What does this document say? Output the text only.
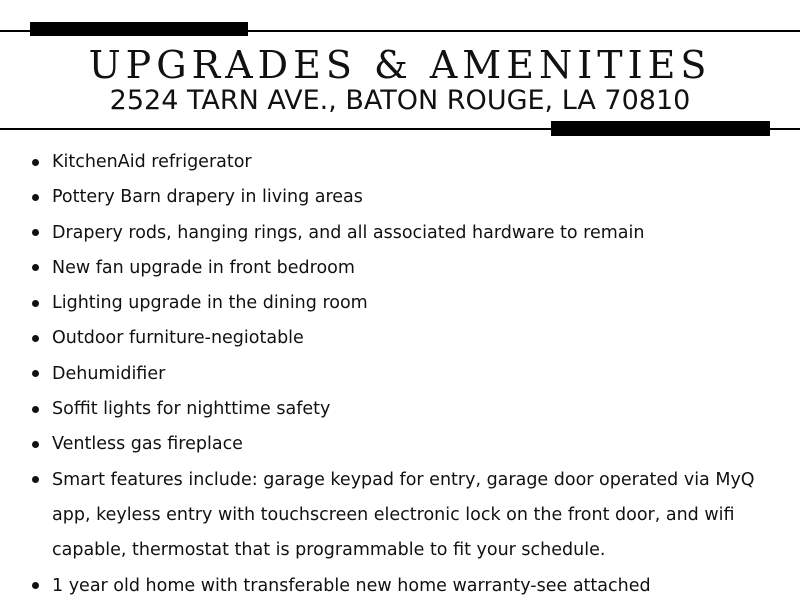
UPGRADES & AMENITIES
2524 TARN AVE., BATON ROUGE, LA 70810
KitchenAid refrigerator
Pottery Barn drapery in living areas
Drapery rods, hanging rings, and all associated hardware to remain
New fan upgrade in front bedroom
Lighting upgrade in the dining room
Outdoor furniture-negiotable
Dehumidifier
Soffit lights for nighttime safety
Ventless gas fireplace
Smart features include: garage keypad for entry, garage door operated via MyQ app, keyless entry with touchscreen electronic lock on the front door, and wifi capable, thermostat that is programmable to fit your schedule.
1 year old home with transferable new home warranty-see attached
